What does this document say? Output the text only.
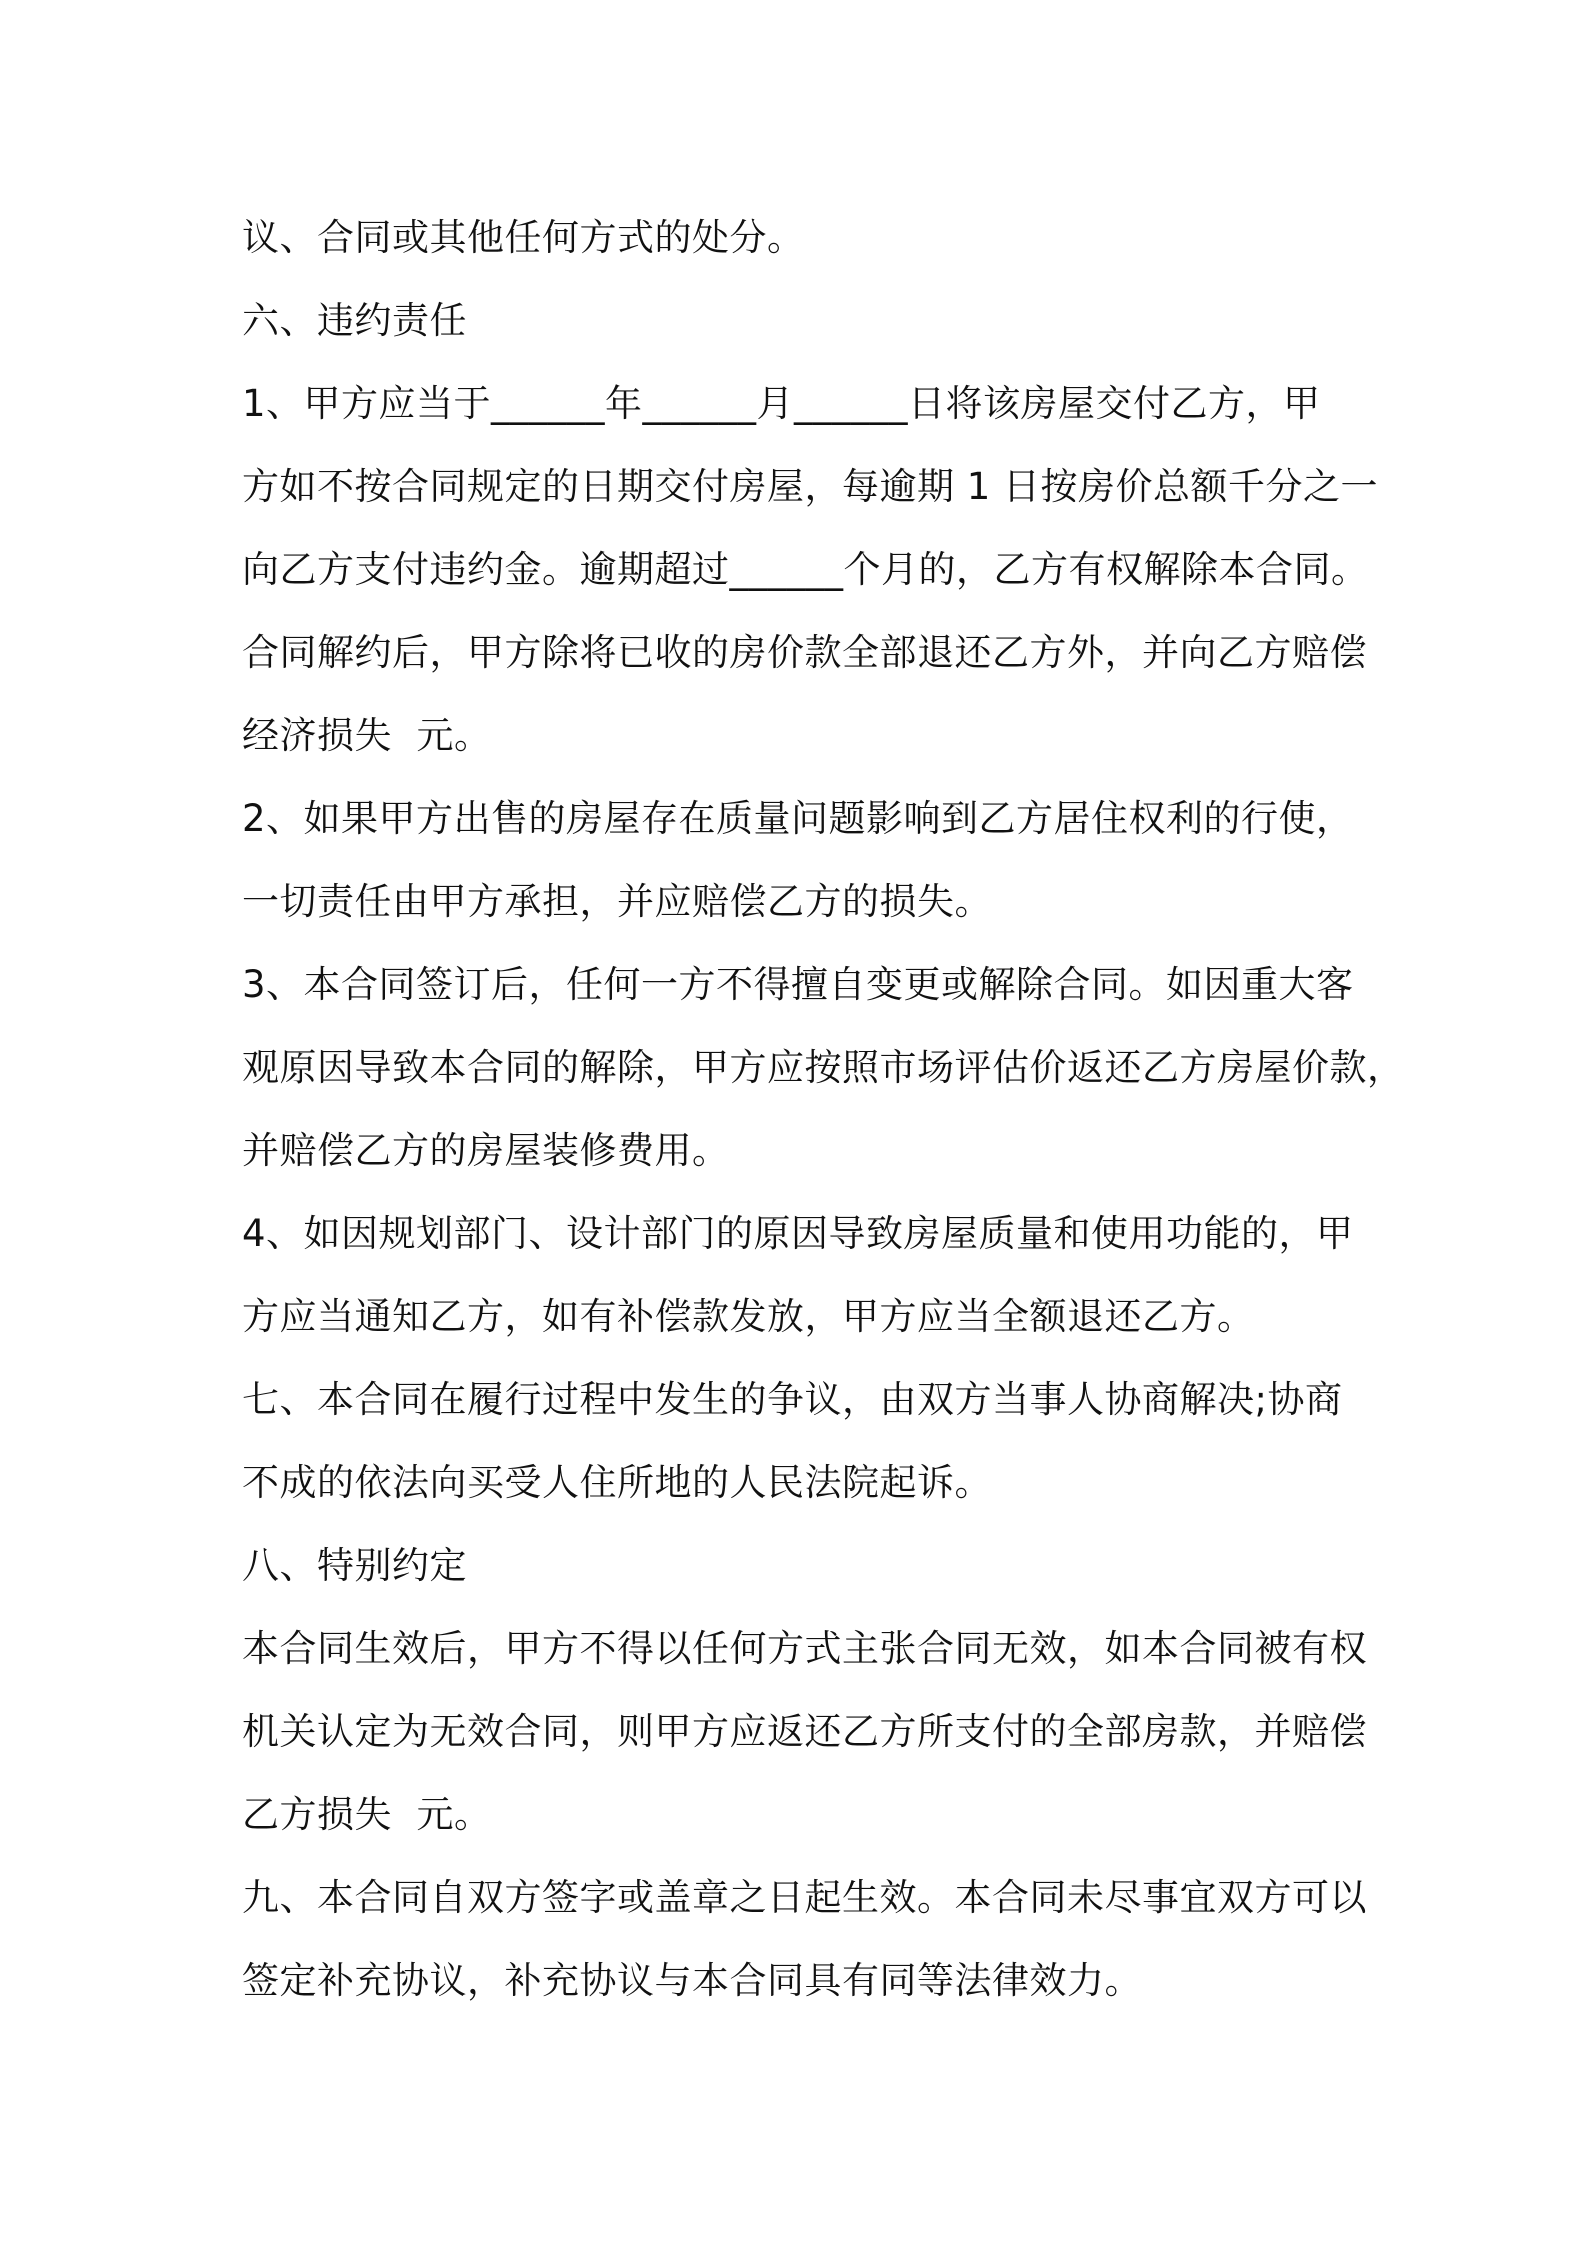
议、合同或其他任何方式的处分。
六、违约责任
1、甲方应当于______年______月______日将该房屋交付乙方，甲
方如不按合同规定的日期交付房屋，每逾期 1 日按房价总额千分之一
向乙方支付违约金。逾期超过______个月的，乙方有权解除本合同。
合同解约后，甲方除将已收的房价款全部退还乙方外，并向乙方赔偿
经济损失  元。
2、如果甲方出售的房屋存在质量问题影响到乙方居住权利的行使，
一切责任由甲方承担，并应赔偿乙方的损失。
3、本合同签订后，任何一方不得擅自变更或解除合同。如因重大客
观原因导致本合同的解除，甲方应按照市场评估价返还乙方房屋价款，
并赔偿乙方的房屋装修费用。
4、如因规划部门、设计部门的原因导致房屋质量和使用功能的，甲
方应当通知乙方，如有补偿款发放，甲方应当全额退还乙方。
七、本合同在履行过程中发生的争议，由双方当事人协商解决;协商
不成的依法向买受人住所地的人民法院起诉。
八、特别约定
本合同生效后，甲方不得以任何方式主张合同无效，如本合同被有权
机关认定为无效合同，则甲方应返还乙方所支付的全部房款，并赔偿
乙方损失  元。
九、本合同自双方签字或盖章之日起生效。本合同未尽事宜双方可以
签定补充协议，补充协议与本合同具有同等法律效力。
